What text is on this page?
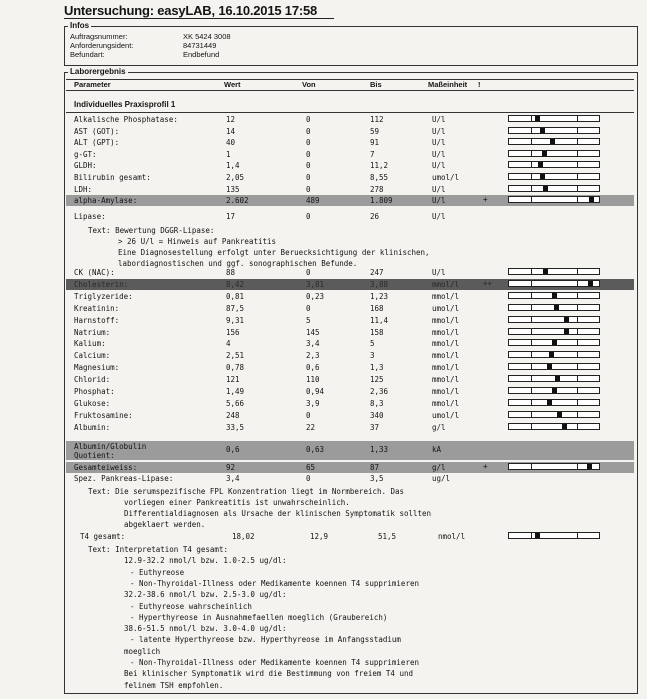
Untersuchung: easyLAB, 16.10.2015 17:58
Infos
Auftragsnummer:	XK 5424 3008
Anforderungsident:	84731449
Befundart:	Endbefund
Laborergebnis
Parameter	Wert	Von	Bis	Maßeinheit !
Individuelles Praxisprofil 1
Alkalische Phosphatase:	12	0	112	U/l
AST (GOT):	14	0	59	U/l
ALT (GPT):	40	0	91	U/l
g-GT:	1	0	7	U/l
GLDH:	1,4	0	11,2	U/l
Bilirubin gesamt:	2,05	0	8,55	umol/l
LDH:	135	0	278	U/l
alpha-Amylase:	2.602	489	1.809	U/l	+
Lipase:	17	0	26	U/l
Text: Bewertung DGGR-Lipase:
> 26 U/l = Hinweis auf Pankreatitis
Eine Diagnosestellung erfolgt unter Beruecksichtigung der klinischen,
labordiagnostischen und ggf. sonographischen Befunde.
CK (NAC):	88	0	247	U/l
Cholesterin:	8,42	3,81	3,88	mmol/l	++
Triglyzeride:	0,81	0,23	1,23	mmol/l
Kreatinin:	87,5	0	168	umol/l
Harnstoff:	9,31	5	11,4	mmol/l
Natrium:	156	145	158	mmol/l
Kalium:	4	3,4	5	mmol/l
Calcium:	2,51	2,3	3	mmol/l
Magnesium:	0,78	0,6	1,3	mmol/l
Chlorid:	121	110	125	mmol/l
Phosphat:	1,49	0,94	2,36	mmol/l
Glukose:	5,66	3,9	8,3	mmol/l
Fruktosamine:	248	0	340	umol/l
Albumin:	33,5	22	37	g/l
Albumin/Globulin
Quotient:
0,6	0,63	1,33	kA
Gesamteiweiss:	92	65	87	g/l	+
Spez. Pankreas-Lipase:	3,4	0	3,5	ug/l
Text: Die serumspezifische FPL Konzentration liegt im Normbereich. Das
vorliegen einer Pankreatitis ist unwahrscheinlich.
Differentialdiagnosen als Ursache der klinischen Symptomatik sollten
abgeklaert werden.
T4 gesamt:	18,02	12,9	51,5	nmol/l
Text: Interpretation T4 gesamt:
12.9-32.2 nmol/l bzw. 1.0-2.5 ug/dl:
- Euthyreose
- Non-Thyroidal-Illness oder Medikamente koennen T4 supprimieren
32.2-38.6 nmol/l bzw. 2.5-3.0 ug/dl:
- Euthyreose wahrscheinlich
- Hyperthyreose in Ausnahmefaellen moeglich (Graubereich)
38.6-51.5 nmol/l bzw. 3.0-4.0 ug/dl:
- latente Hyperthyreose bzw. Hyperthyreose im Anfangsstadium
moeglich
- Non-Thyroidal-Illness oder Medikamente koennen T4 supprimieren
Bei klinischer Symptomatik wird die Bestimmung von freiem T4 und
felinem TSH empfohlen.
